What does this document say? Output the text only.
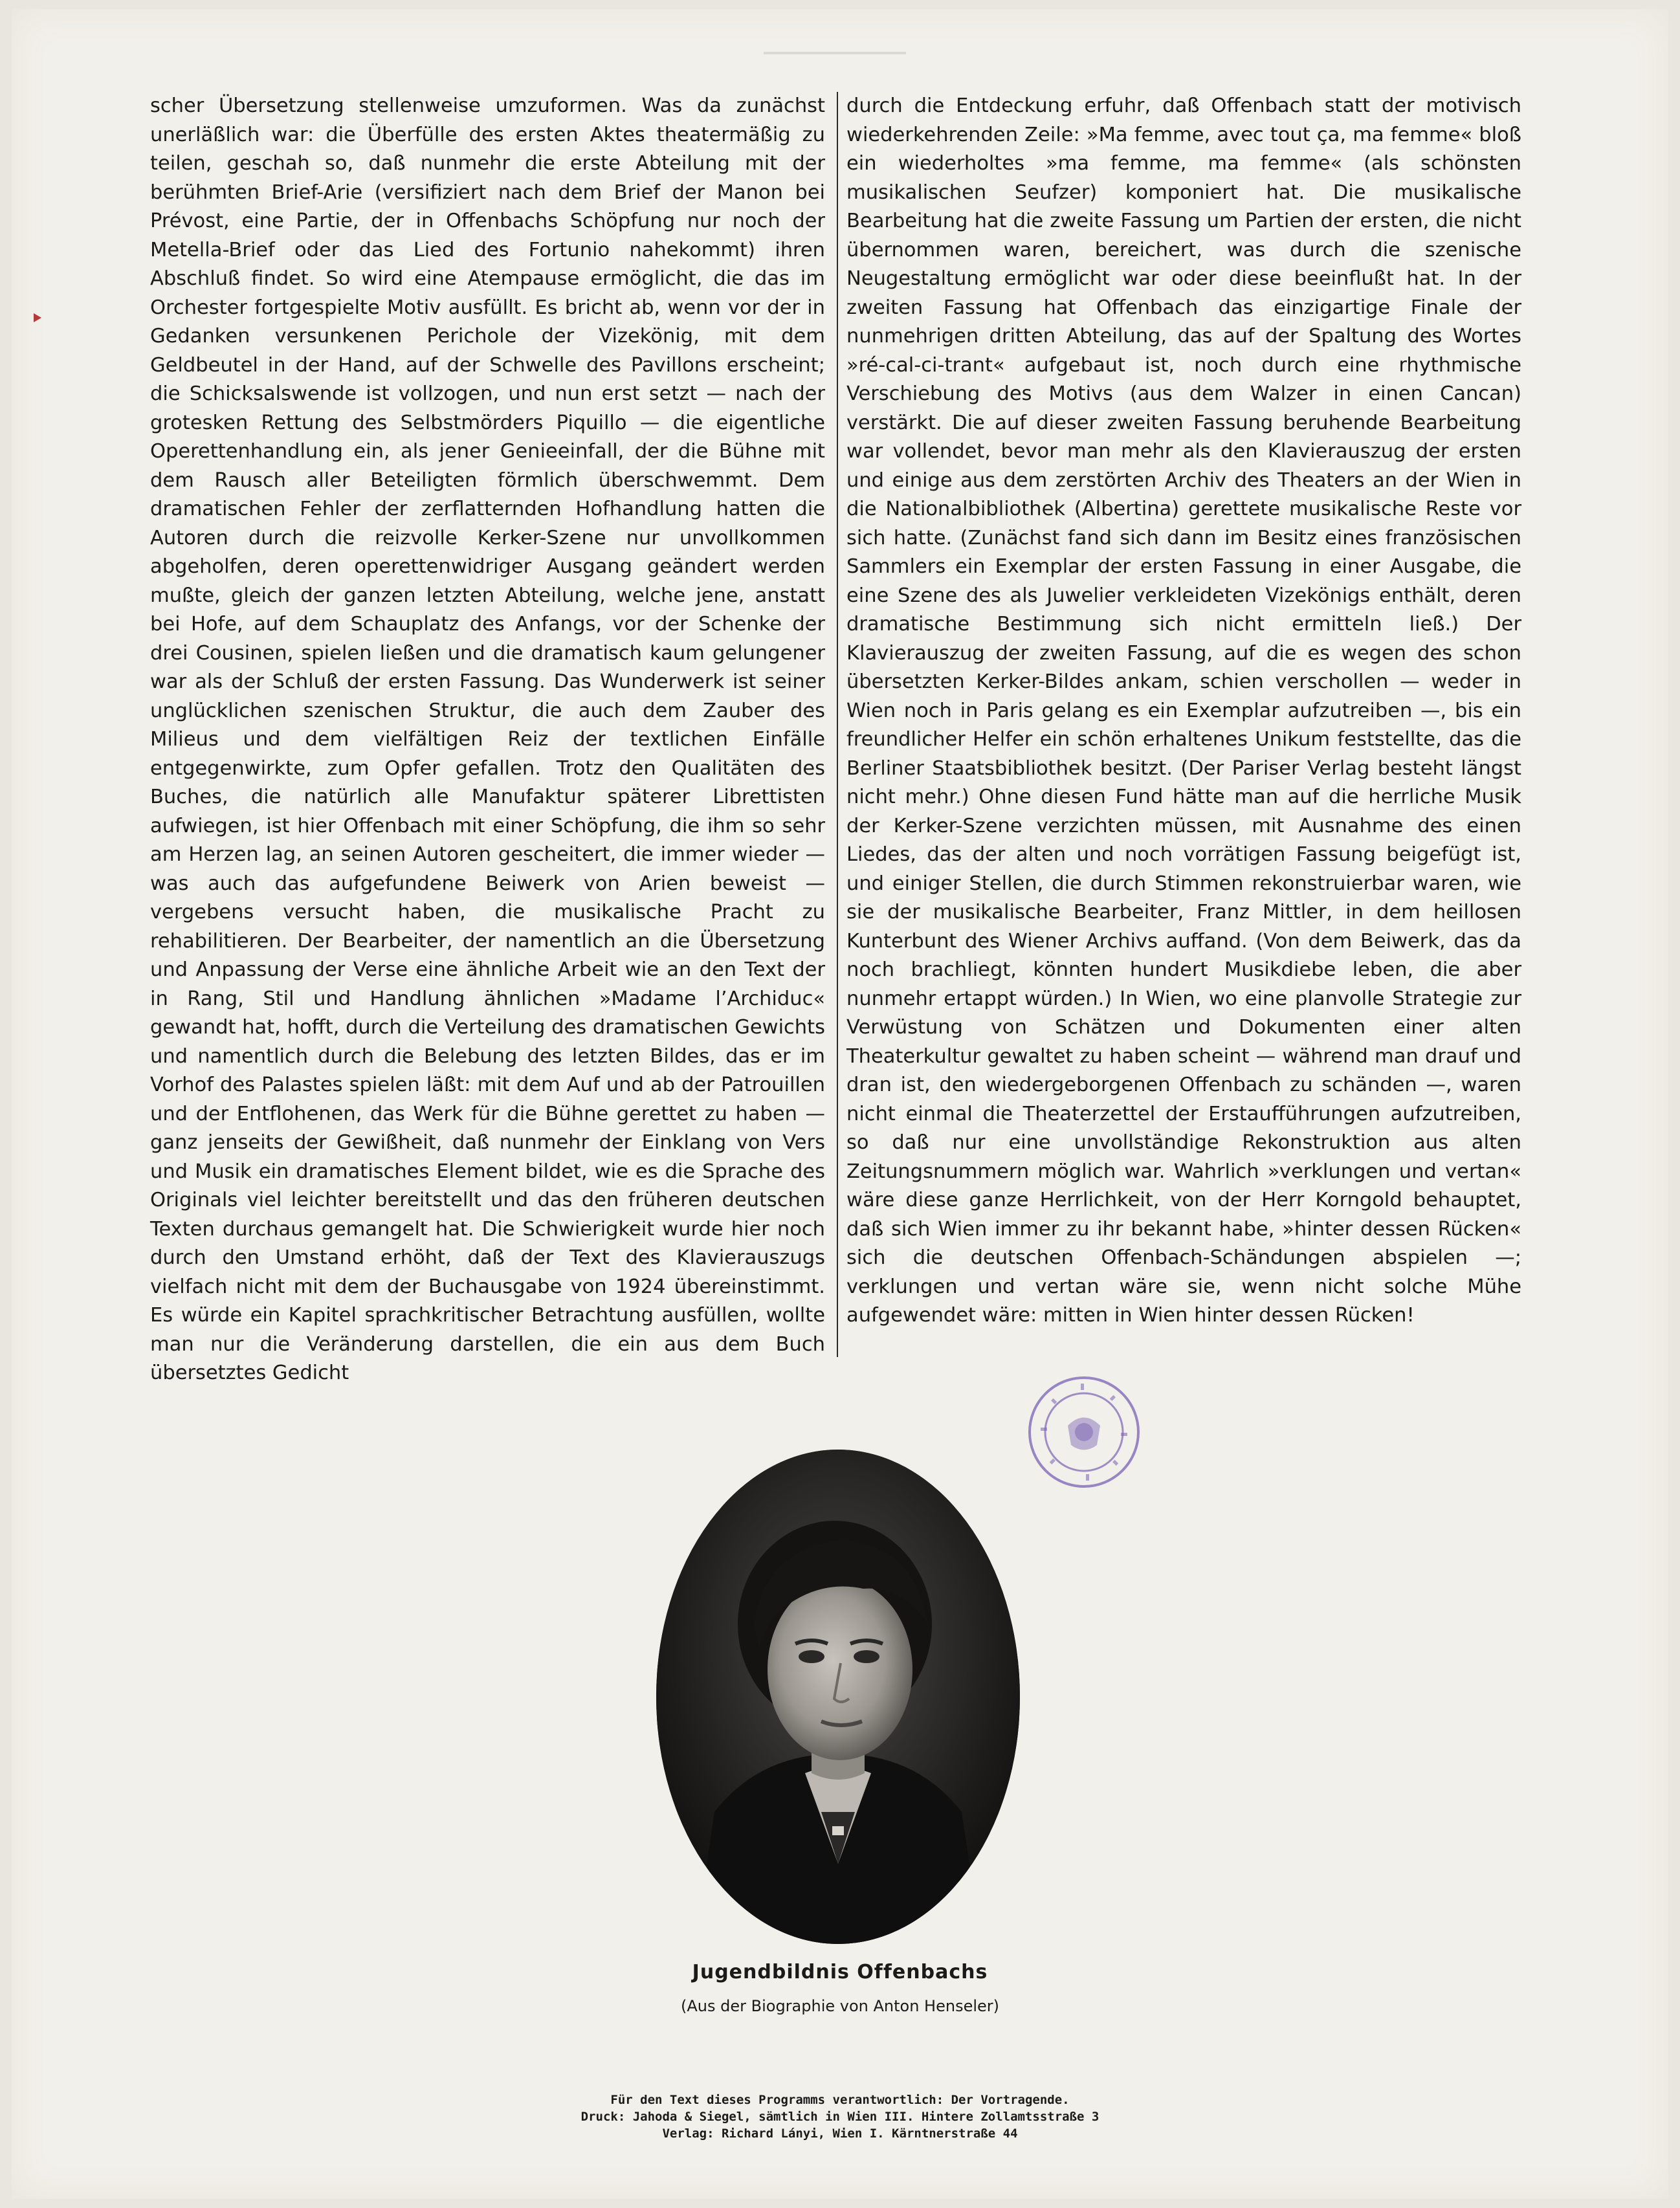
scher Übersetzung stellenweise umzuformen. Was da zunächst unerläßlich war: die Überfülle des ersten Aktes theatermäßig zu teilen, geschah so, daß nunmehr die erste Abteilung mit der berühmten Brief-Arie (versifiziert nach dem Brief der Manon bei Prévost, eine Partie, der in Offenbachs Schöpfung nur noch der Metella-Brief oder das Lied des Fortunio nahekommt) ihren Abschluß findet. So wird eine Atempause ermöglicht, die das im Orchester fortgespielte Motiv ausfüllt. Es bricht ab, wenn vor der in Gedanken versunkenen Perichole der Vizekönig, mit dem Geldbeutel in der Hand, auf der Schwelle des Pavillons erscheint; die Schicksalswende ist vollzogen, und nun erst setzt — nach der grotesken Rettung des Selbstmörders Piquillo — die eigentliche Operettenhandlung ein, als jener Genieeinfall, der die Bühne mit dem Rausch aller Beteiligten förmlich überschwemmt. Dem dramatischen Fehler der zerflatternden Hofhandlung hatten die Autoren durch die reizvolle Kerker-Szene nur unvollkommen abgeholfen, deren operettenwidriger Ausgang geändert werden mußte, gleich der ganzen letzten Abteilung, welche jene, anstatt bei Hofe, auf dem Schauplatz des Anfangs, vor der Schenke der drei Cousinen, spielen ließen und die dramatisch kaum gelungener war als der Schluß der ersten Fassung. Das Wunderwerk ist seiner unglücklichen szenischen Struktur, die auch dem Zauber des Milieus und dem vielfältigen Reiz der textlichen Einfälle entgegenwirkte, zum Opfer gefallen. Trotz den Qualitäten des Buches, die natürlich alle Manufaktur späterer Librettisten aufwiegen, ist hier Offenbach mit einer Schöpfung, die ihm so sehr am Herzen lag, an seinen Autoren gescheitert, die immer wieder — was auch das aufgefundene Beiwerk von Arien beweist — vergebens versucht haben, die musikalische Pracht zu rehabilitieren. Der Bearbeiter, der namentlich an die Übersetzung und Anpassung der Verse eine ähnliche Arbeit wie an den Text der in Rang, Stil und Handlung ähnlichen »Madame l’Archiduc« gewandt hat, hofft, durch die Verteilung des dramatischen Gewichts und namentlich durch die Belebung des letzten Bildes, das er im Vorhof des Palastes spielen läßt: mit dem Auf und ab der Patrouillen und der Entflohenen, das Werk für die Bühne gerettet zu haben — ganz jenseits der Gewißheit, daß nunmehr der Einklang von Vers und Musik ein dramatisches Element bildet, wie es die Sprache des Originals viel leichter bereitstellt und das den früheren deutschen Texten durchaus gemangelt hat. Die Schwierigkeit wurde hier noch durch den Umstand erhöht, daß der Text des Klavierauszugs vielfach nicht mit dem der Buchausgabe von 1924 übereinstimmt. Es würde ein Kapitel sprachkritischer Betrachtung ausfüllen, wollte man nur die Veränderung darstellen, die ein aus dem Buch übersetztes Gedicht

durch die Entdeckung erfuhr, daß Offenbach statt der motivisch wiederkehrenden Zeile: »Ma femme, avec tout ça, ma femme« bloß ein wiederholtes »ma femme, ma femme« (als schönsten musikalischen Seufzer) komponiert hat. Die musikalische Bearbeitung hat die zweite Fassung um Partien der ersten, die nicht übernommen waren, bereichert, was durch die szenische Neugestaltung ermöglicht war oder diese beeinflußt hat. In der zweiten Fassung hat Offenbach das einzigartige Finale der nunmehrigen dritten Abteilung, das auf der Spaltung des Wortes »ré-cal-ci-trant« aufgebaut ist, noch durch eine rhythmische Verschiebung des Motivs (aus dem Walzer in einen Cancan) verstärkt. Die auf dieser zweiten Fassung beruhende Bearbeitung war vollendet, bevor man mehr als den Klavierauszug der ersten und einige aus dem zerstörten Archiv des Theaters an der Wien in die Nationalbibliothek (Albertina) gerettete musikalische Reste vor sich hatte. (Zunächst fand sich dann im Besitz eines französischen Sammlers ein Exemplar der ersten Fassung in einer Ausgabe, die eine Szene des als Juwelier verkleideten Vizekönigs enthält, deren dramatische Bestimmung sich nicht ermitteln ließ.) Der Klavierauszug der zweiten Fassung, auf die es wegen des schon übersetzten Kerker-Bildes ankam, schien verschollen — weder in Wien noch in Paris gelang es ein Exemplar aufzutreiben —, bis ein freundlicher Helfer ein schön erhaltenes Unikum feststellte, das die Berliner Staatsbibliothek besitzt. (Der Pariser Verlag besteht längst nicht mehr.) Ohne diesen Fund hätte man auf die herrliche Musik der Kerker-Szene verzichten müssen, mit Ausnahme des einen Liedes, das der alten und noch vorrätigen Fassung beigefügt ist, und einiger Stellen, die durch Stimmen rekonstruierbar waren, wie sie der musikalische Bearbeiter, Franz Mittler, in dem heillosen Kunterbunt des Wiener Archivs auffand. (Von dem Beiwerk, das da noch brachliegt, könnten hundert Musikdiebe leben, die aber nunmehr ertappt würden.) In Wien, wo eine planvolle Strategie zur Verwüstung von Schätzen und Dokumenten einer alten Theaterkultur gewaltet zu haben scheint — während man drauf und dran ist, den wiedergeborgenen Offenbach zu schänden —, waren nicht einmal die Theaterzettel der Erstaufführungen aufzutreiben, so daß nur eine unvollständige Rekonstruktion aus alten Zeitungsnummern möglich war. Wahrlich »verklungen und vertan« wäre diese ganze Herrlichkeit, von der Herr Korngold behauptet, daß sich Wien immer zu ihr bekannt habe, »hinter dessen Rücken« sich die deutschen Offenbach-Schändungen abspielen —; verklungen und vertan wäre sie, wenn nicht solche Mühe aufgewendet wäre: mitten in Wien hinter dessen Rücken!

Jugendbildnis Offenbachs
(Aus der Biographie von Anton Henseler)
Für den Text dieses Programms verantwortlich: Der Vortragende.
Druck: Jahoda & Siegel, sämtlich in Wien III. Hintere Zollamtsstraße 3
Verlag: Richard Lányi, Wien I. Kärntnerstraße 44
